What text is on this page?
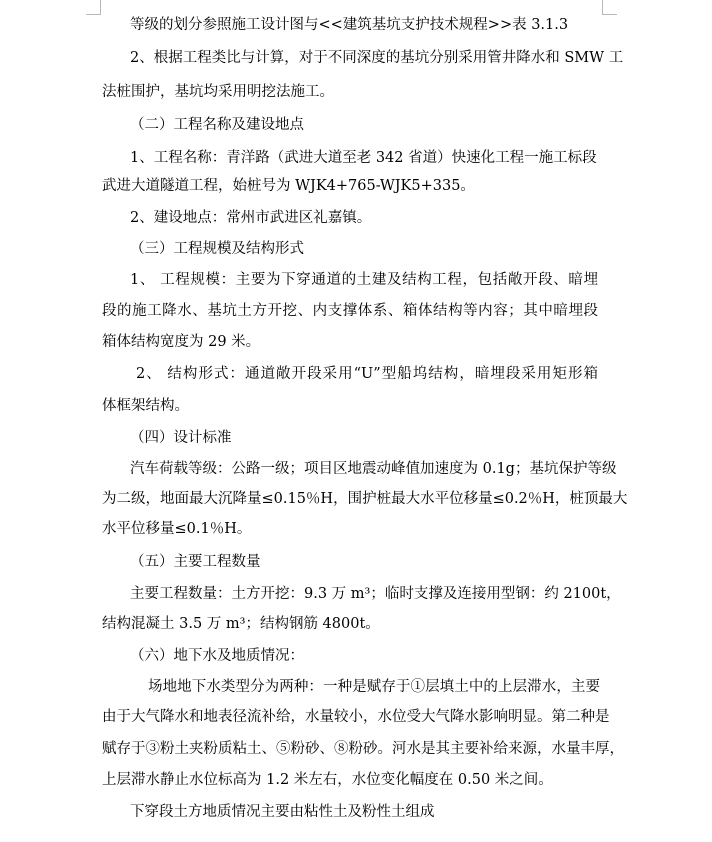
等级的划分参照施工设计图与<<建筑基坑支护技术规程>>表 3.1.3
2、根据工程类比与计算，对于不同深度的基坑分别采用管井降水和 SMW 工
法桩围护，基坑均采用明挖法施工。
（二）工程名称及建设地点
1、工程名称：青洋路（武进大道至老 342 省道）快速化工程一施工标段
武进大道隧道工程，始桩号为 WJK4+765-WJK5+335。
2、建设地点：常州市武进区礼嘉镇。
（三）工程规模及结构形式
1、 工程规模：主要为下穿通道的土建及结构工程，包括敞开段、暗埋
段的施工降水、基坑土方开挖、内支撑体系、箱体结构等内容；其中暗埋段
箱体结构宽度为 29 米。
2、 结构形式：通道敞开段采用“U”型船坞结构，暗埋段采用矩形箱
体框架结构。
（四）设计标准
汽车荷载等级：公路一级；项目区地震动峰值加速度为 0.1g；基坑保护等级
为二级，地面最大沉降量≤0.15％H，围护桩最大水平位移量≤0.2％H，桩顶最大
水平位移量≤0.1％H。
（五）主要工程数量
主要工程数量：土方开挖：9.3 万 m³；临时支撑及连接用型钢：约 2100t，
结构混凝土 3.5 万 m³；结构钢筋 4800t。
（六）地下水及地质情况：
场地地下水类型分为两种：一种是赋存于①层填土中的上层滞水，主要
由于大气降水和地表径流补给，水量较小，水位受大气降水影响明显。第二种是
赋存于③粉土夹粉质粘土、⑤粉砂、⑧粉砂。河水是其主要补给来源，水量丰厚，
上层滞水静止水位标高为 1.2 米左右，水位变化幅度在 0.50 米之间。
下穿段土方地质情况主要由粘性土及粉性土组成
